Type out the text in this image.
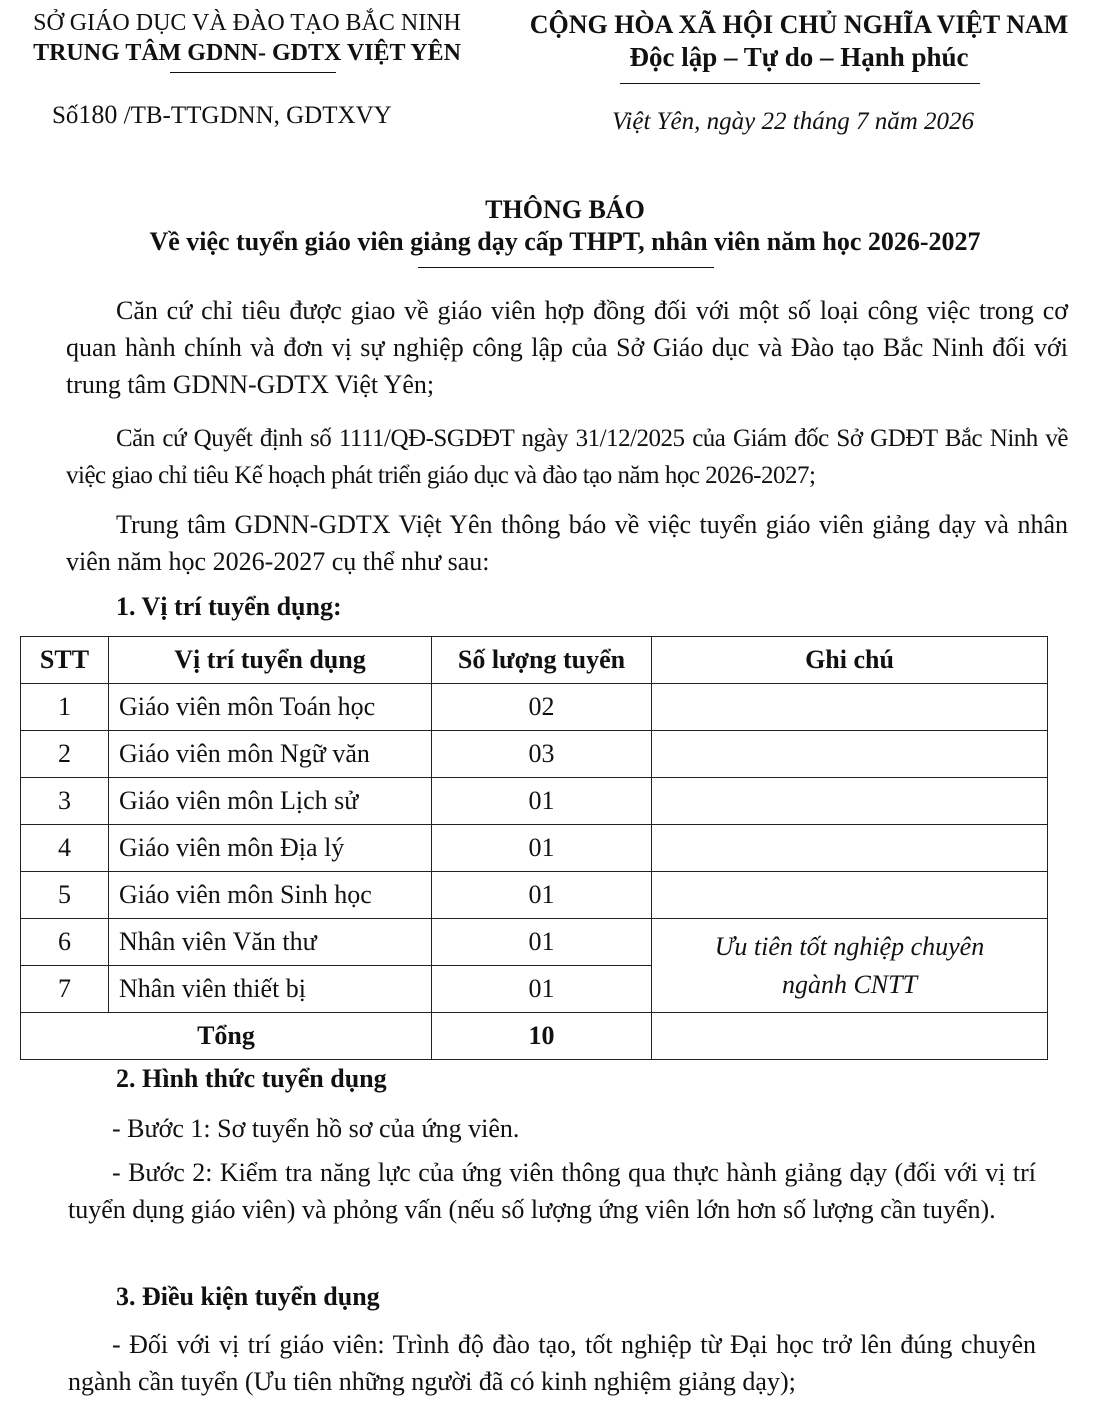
SỞ GIÁO DỤC VÀ ĐÀO TẠO BẮC NINH
TRUNG TÂM GDNN- GDTX VIỆT YÊN
CỘNG HÒA XÃ HỘI CHỦ NGHĨA VIỆT NAM
Độc lập – Tự do – Hạnh phúc
Số180 /TB-TTGDNN, GDTXVY	Việt Yên, ngày 22 tháng 7 năm 2026
THÔNG BÁO
Về việc tuyển giáo viên giảng dạy cấp THPT, nhân viên năm học 2026-2027

Căn cứ chỉ tiêu được giao về giáo viên hợp đồng đối với một số loại công việc trong cơ quan hành chính và đơn vị sự nghiệp công lập của Sở Giáo dục và Đào tạo Bắc Ninh đối với trung tâm GDNN-GDTX Việt Yên;

Căn cứ Quyết định số 1111/QĐ-SGDĐT ngày 31/12/2025 của Giám đốc Sở GDĐT Bắc Ninh về việc giao chỉ tiêu Kế hoạch phát triển giáo dục và đào tạo năm học 2026-2027;

Trung tâm GDNN-GDTX Việt Yên thông báo về việc tuyển giáo viên giảng dạy và nhân viên năm học 2026-2027 cụ thể như sau:

1. Vị trí tuyển dụng:
STT	Vị trí tuyển dụng	Số lượng tuyển	Ghi chú
1	Giáo viên môn Toán học	02	
2	Giáo viên môn Ngữ văn	03	
3	Giáo viên môn Lịch sử	01	
4	Giáo viên môn Địa lý	01	
5	Giáo viên môn Sinh học	01	
6	Nhân viên Văn thư	01	Ưu tiên tốt nghiệp chuyên
ngành CNTT

7	Nhân viên thiết bị	01	
Tổng		10	
2. Hình thức tuyển dụng
- Bước 1: Sơ tuyển hồ sơ của ứng viên.

- Bước 2: Kiểm tra năng lực của ứng viên thông qua thực hành giảng dạy (đối với vị trí tuyển dụng giáo viên) và phỏng vấn (nếu số lượng ứng viên lớn hơn số lượng cần tuyển).

3. Điều kiện tuyển dụng

- Đối với vị trí giáo viên: Trình độ đào tạo, tốt nghiệp từ Đại học trở lên đúng chuyên ngành cần tuyển (Ưu tiên những người đã có kinh nghiệm giảng dạy);
